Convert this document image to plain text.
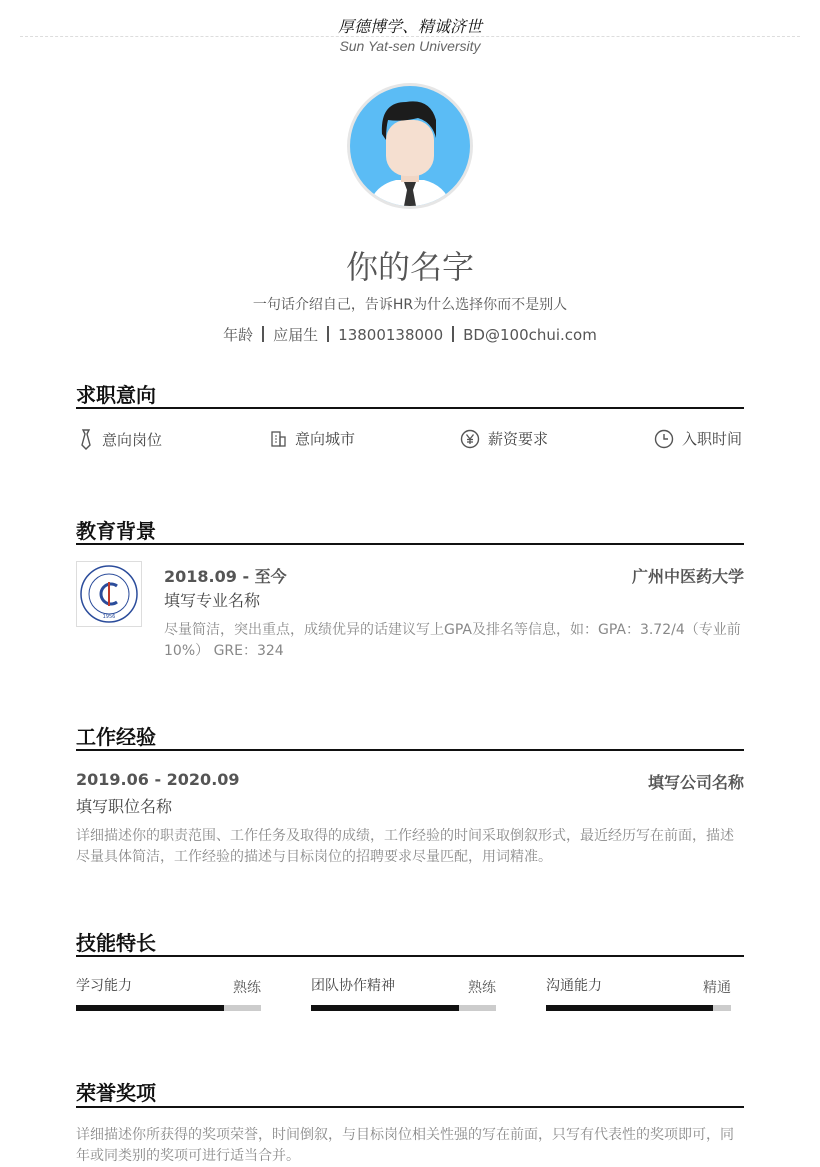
厚德博学、精诚济世
Sun Yat-sen University
你的名字
一句话介绍自己，告诉HR为什么选择你而不是别人
年龄 应届生 13800138000 BD@100chui.com
求职意向
意向岗位	意向城市	薪资要求	入职时间
教育背景
1956
2018.09 - 至今	广州中医药大学
填写专业名称
尽量简洁，突出重点，成绩优异的话建议写上GPA及排名等信息，如：GPA：3.72/4（专业前10%） GRE：324
工作经验
2019.06 - 2020.09	填写公司名称
填写职位名称
详细描述你的职责范围、工作任务及取得的成绩，工作经验的时间采取倒叙形式，最近经历写在前面，描述尽量具体简洁，工作经验的描述与目标岗位的招聘要求尽量匹配，用词精准。
技能特长
学习能力	熟练	团队协作精神	熟练	沟通能力	精通
荣誉奖项
详细描述你所获得的奖项荣誉，时间倒叙，与目标岗位相关性强的写在前面，只写有代表性的奖项即可，同年或同类别的奖项可进行适当合并。
